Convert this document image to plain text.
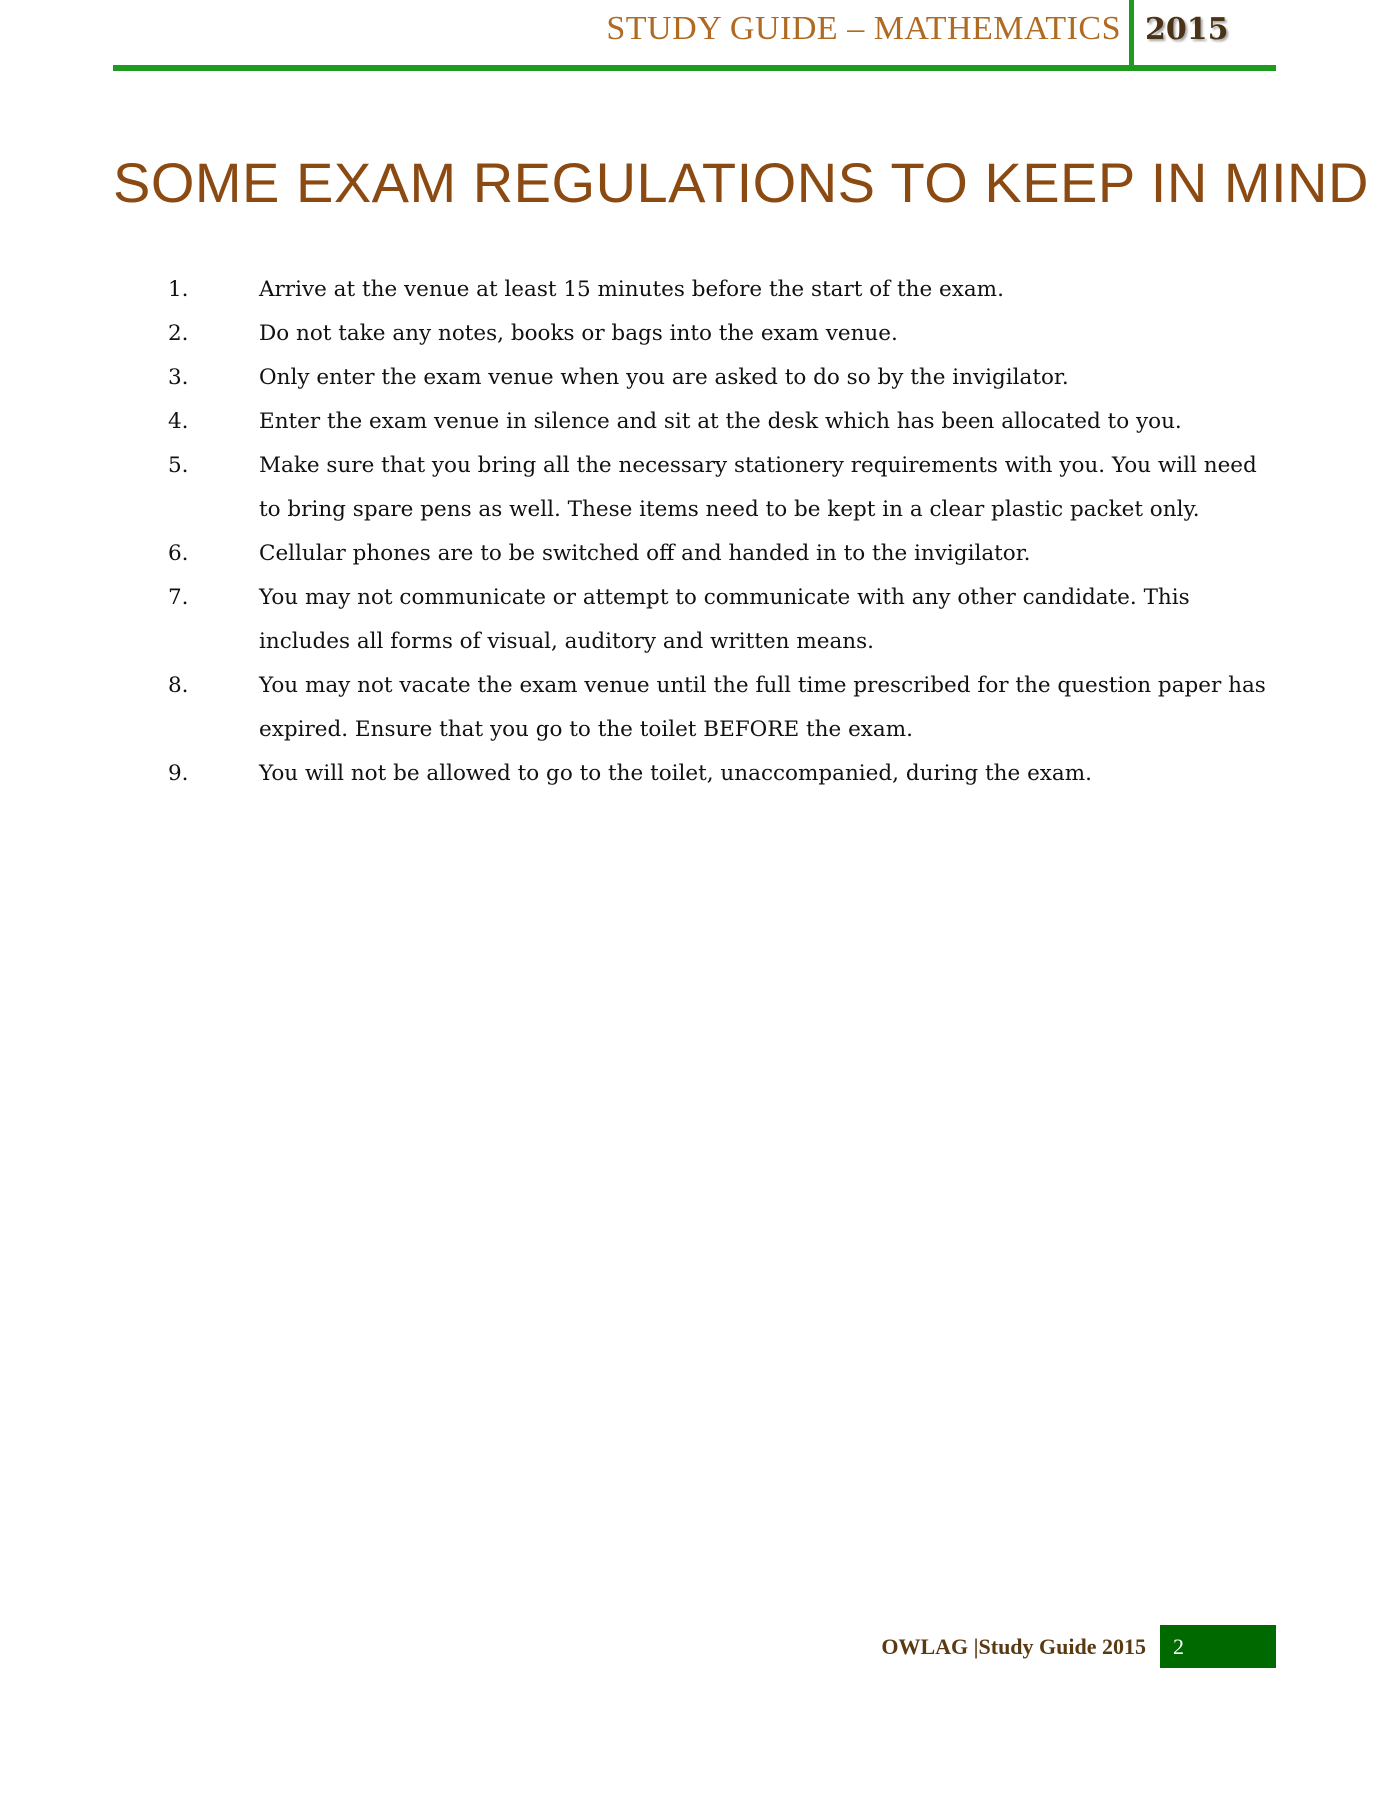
STUDY GUIDE – MATHEMATICS 2015
SOME EXAM REGULATIONS TO KEEP IN MIND
1.	Arrive at the venue at least 15 minutes before the start of the exam.
2.	Do not take any notes, books or bags into the exam venue.
3.	Only enter the exam venue when you are asked to do so by the invigilator.
4.	Enter the exam venue in silence and sit at the desk which has been allocated to you.
5.	Make sure that you bring all the necessary stationery requirements with you. You will need to bring spare pens as well. These items need to be kept in a clear plastic packet only.
6.	Cellular phones are to be switched off and handed in to the invigilator.
7.	You may not communicate or attempt to communicate with any other candidate. This includes all forms of visual, auditory and written means.
8.	You may not vacate the exam venue until the full time prescribed for the question paper has expired. Ensure that you go to the toilet BEFORE the exam.
9.	You will not be allowed to go to the toilet, unaccompanied, during the exam.
OWLAG |Study Guide 2015 2
